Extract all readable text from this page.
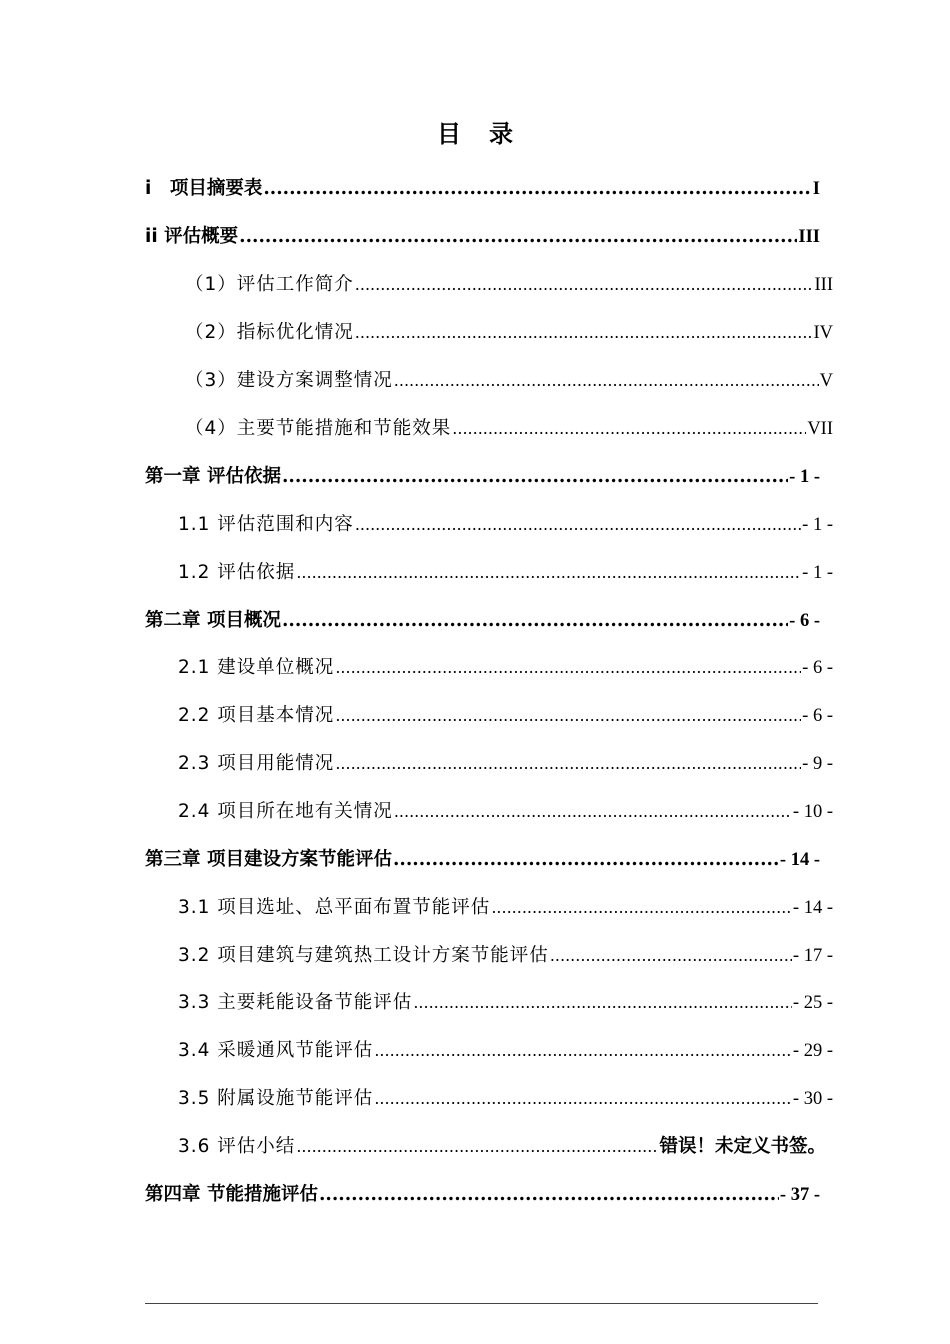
目录
i　项目摘要表 .....	I
ii 评估概要 .....	III
（1）评估工作简介 .....	III
（2）指标优化情况 .....	IV
（3）建设方案调整情况 .....	V
（4）主要节能措施和节能效果 .....	VII
第一章 评估依据 .....	- 1 -
1.1 评估范围和内容 .....	- 1 -
1.2 评估依据 .....	- 1 -
第二章 项目概况 .....	- 6 -
2.1 建设单位概况 .....	- 6 -
2.2 项目基本情况 .....	- 6 -
2.3 项目用能情况 .....	- 9 -
2.4 项目所在地有关情况 .....	- 10 -
第三章 项目建设方案节能评估 .....	- 14 -
3.1 项目选址、总平面布置节能评估 .....	- 14 -
3.2 项目建筑与建筑热工设计方案节能评估 .....	- 17 -
3.3 主要耗能设备节能评估 .....	- 25 -
3.4 采暖通风节能评估 .....	- 29 -
3.5 附属设施节能评估 .....	- 30 -
3.6 评估小结 .....	错误！未定义书签。
第四章 节能措施评估 .....	- 37 -
